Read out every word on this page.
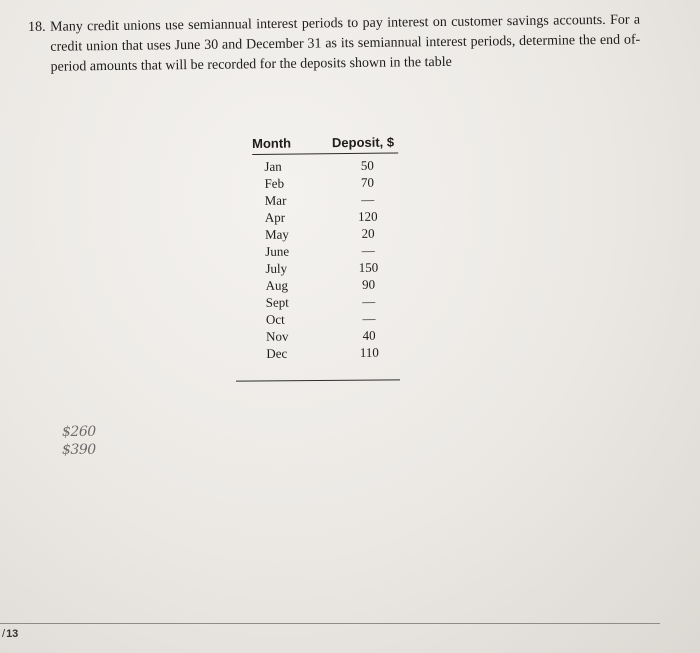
18. Many credit unions use semiannual interest periods to pay interest on customer savings accounts. For a credit union that uses June 30 and December 31 as its semiannual interest periods, determine the end of- period amounts that will be recorded for the deposits shown in the table
Month	Deposit, $
Jan	50
Feb	70
Mar	—
Apr	120
May	20
June	—
July	150
Aug	90
Sept	—
Oct	—
Nov	40
Dec	110
$260
$390
/13
